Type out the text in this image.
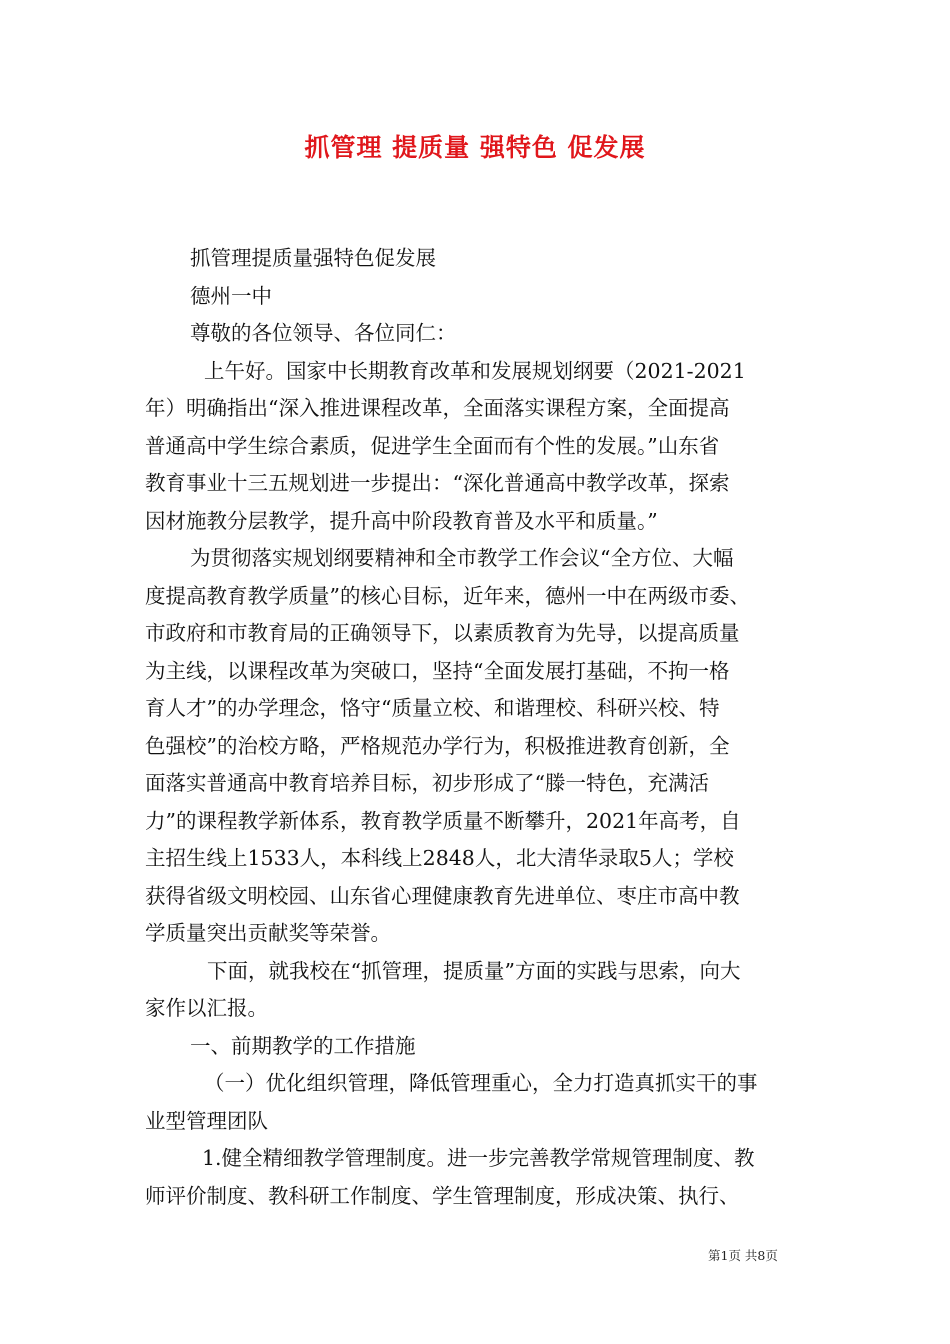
抓管理 提质量 强特色 促发展
抓管理提质量强特色促发展
德州一中
尊敬的各位领导、各位同仁：
上午好。国家中长期教育改革和发展规划纲要（2021-2021
年）明确指出“深入推进课程改革，全面落实课程方案，全面提高
普通高中学生综合素质，促进学生全面而有个性的发展。”山东省
教育事业十三五规划进一步提出：“深化普通高中教学改革，探索
因材施教分层教学，提升高中阶段教育普及水平和质量。”
为贯彻落实规划纲要精神和全市教学工作会议“全方位、大幅
度提高教育教学质量”的核心目标，近年来，德州一中在两级市委、
市政府和市教育局的正确领导下，以素质教育为先导，以提高质量
为主线，以课程改革为突破口，坚持“全面发展打基础，不拘一格
育人才”的办学理念，恪守“质量立校、和谐理校、科研兴校、特
色强校”的治校方略，严格规范办学行为，积极推进教育创新，全
面落实普通高中教育培养目标，初步形成了“滕一特色，充满活
力”的课程教学新体系，教育教学质量不断攀升，2021年高考，自
主招生线上1533人，本科线上2848人，北大清华录取5人；学校
获得省级文明校园、山东省心理健康教育先进单位、枣庄市高中教
学质量突出贡献奖等荣誉。
下面，就我校在“抓管理，提质量”方面的实践与思索，向大
家作以汇报。
一、前期教学的工作措施
（一）优化组织管理，降低管理重心，全力打造真抓实干的事
业型管理团队
1.健全精细教学管理制度。进一步完善教学常规管理制度、教
师评价制度、教科研工作制度、学生管理制度，形成决策、执行、
第1页 共8页
